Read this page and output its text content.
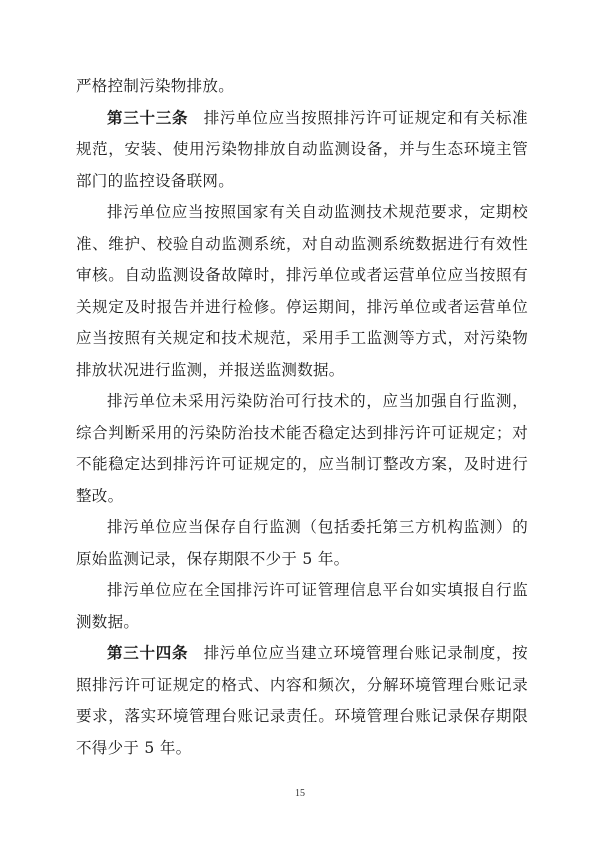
严格控制污染物排放。

第三十三条 排污单位应当按照排污许可证规定和有关标准规范，安装、使用污染物排放自动监测设备，并与生态环境主管部门的监控设备联网。

排污单位应当按照国家有关自动监测技术规范要求，定期校准、维护、校验自动监测系统，对自动监测系统数据进行有效性审核。自动监测设备故障时，排污单位或者运营单位应当按照有关规定及时报告并进行检修。停运期间，排污单位或者运营单位应当按照有关规定和技术规范，采用手工监测等方式，对污染物排放状况进行监测，并报送监测数据。

排污单位未采用污染防治可行技术的，应当加强自行监测，综合判断采用的污染防治技术能否稳定达到排污许可证规定；对不能稳定达到排污许可证规定的，应当制订整改方案，及时进行整改。

排污单位应当保存自行监测（包括委托第三方机构监测）的原始监测记录，保存期限不少于 5 年。

排污单位应在全国排污许可证管理信息平台如实填报自行监测数据。

第三十四条 排污单位应当建立环境管理台账记录制度，按照排污许可证规定的格式、内容和频次，分解环境管理台账记录要求，落实环境管理台账记录责任。环境管理台账记录保存期限不得少于 5 年。

15
